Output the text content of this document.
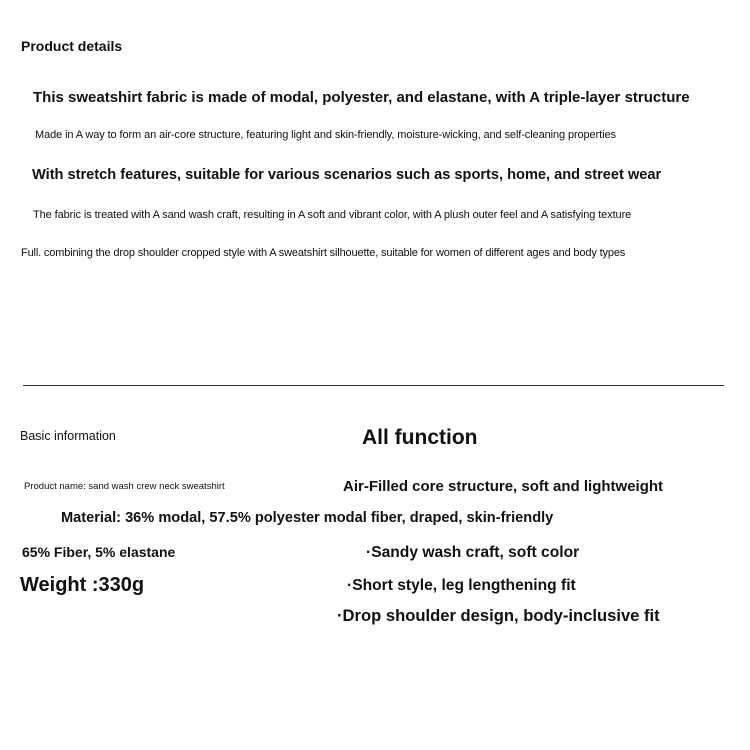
Product details
This sweatshirt fabric is made of modal, polyester, and elastane, with A triple-layer structure
Made in A way to form an air-core structure, featuring light and skin-friendly, moisture-wicking, and self-cleaning properties
With stretch features, suitable for various scenarios such as sports, home, and street wear
The fabric is treated with A sand wash craft, resulting in A soft and vibrant color, with A plush outer feel and A satisfying texture
Full. combining the drop shoulder cropped style with A sweatshirt silhouette, suitable for women of different ages and body types
Basic information	All function
Product name: sand wash crew neck sweatshirt
Material: 36% modal, 57.5% polyester modal fiber, draped, skin-friendly
65% Fiber, 5% elastane
Weight :330g
Air-Filled core structure, soft and lightweight
·Sandy wash craft, soft color
·Short style, leg lengthening fit
·Drop shoulder design, body-inclusive fit
